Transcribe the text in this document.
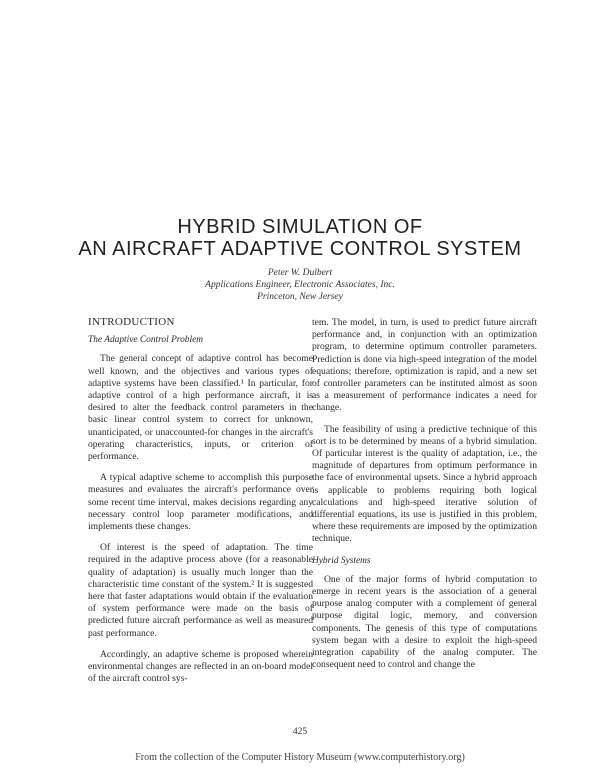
HYBRID SIMULATION OF
AN AIRCRAFT ADAPTIVE CONTROL SYSTEM
Peter W. Dulbert
Applications Engineer, Electronic Associates, Inc.
Princeton, New Jersey
INTRODUCTION
The Adaptive Control Problem

The general concept of adaptive control has become well known, and the objectives and various types of adaptive systems have been classified.¹ In particular, for adaptive control of a high performance aircraft, it is desired to alter the feedback control parameters in the basic linear control system to correct for unknown, unanticipated, or unaccounted-for changes in the aircraft's operating characteristics, inputs, or criterion of performance.

A typical adaptive scheme to accomplish this purpose measures and evaluates the aircraft's performance over some recent time interval, makes decisions regarding any necessary control loop parameter modifications, and implements these changes.

Of interest is the speed of adaptation. The time required in the adaptive process above (for a reasonable quality of adaptation) is usually much longer than the characteristic time constant of the system.² It is suggested here that faster adaptations would obtain if the evaluation of system performance were made on the basis of predicted future aircraft performance as well as measured past performance.

Accordingly, an adaptive scheme is proposed wherein environmental changes are reflected in an on-board model of the aircraft control sys-

tem. The model, in turn, is used to predict future aircraft performance and, in conjunction with an optimization program, to determine optimum controller parameters. Prediction is done via high-speed integration of the model equations; therefore, optimization is rapid, and a new set of controller parameters can be instituted almost as soon as a measurement of performance indicates a need for change.

The feasibility of using a predictive technique of this sort is to be determined by means of a hybrid simulation. Of particular interest is the quality of adaptation, i.e., the magnitude of departures from optimum performance in the face of environmental upsets. Since a hybrid approach is applicable to problems requiring both logical calculations and high-speed iterative solution of differential equations, its use is justified in this problem, where these requirements are imposed by the optimization technique.

Hybrid Systems

One of the major forms of hybrid computation to emerge in recent years is the association of a general purpose analog computer with a complement of general purpose digital logic, memory, and conversion components. The genesis of this type of computations system began with a desire to exploit the high-speed integration capability of the analog computer. The consequent need to control and change the

425
From the collection of the Computer History Museum (www.computerhistory.org)
